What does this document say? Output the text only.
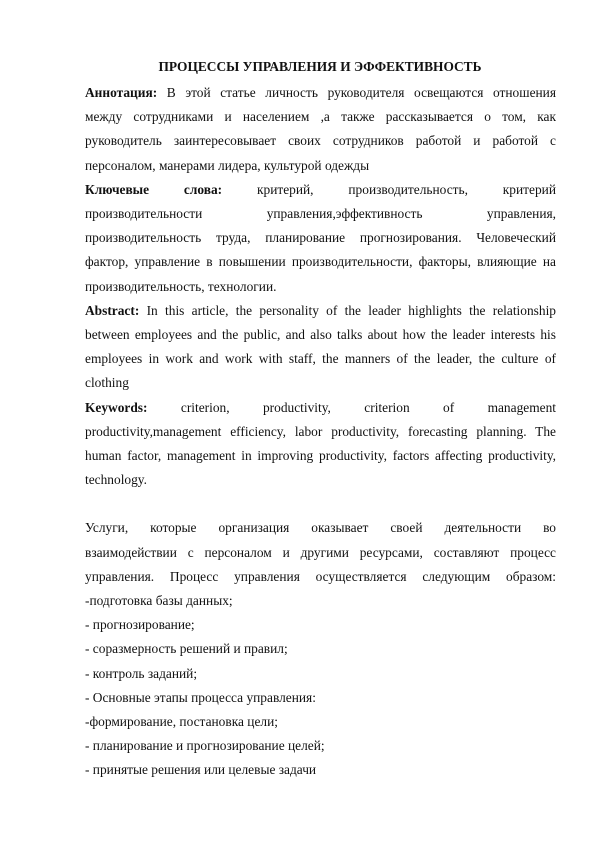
ПРОЦЕССЫ УПРАВЛЕНИЯ И ЭФФЕКТИВНОСТЬ
Аннотация: В этой статье личность руководителя освещаются отношения
между сотрудниками и населением ,а также рассказывается о том, как
руководитель заинтересовывает своих сотрудников работой и работой с
персоналом, манерами лидера, культурой одежды
Ключевые слова: критерий, производительность, критерий
производительности управления,эффективность управления,
производительность труда, планирование прогнозирования. Человеческий
фактор, управление в повышении производительности, факторы, влияющие на
производительность, технологии.
Abstract: In this article, the personality of the leader highlights the relationship
between employees and the public, and also talks about how the leader interests his
employees in work and work with staff, the manners of the leader, the culture of
clothing
Keywords: criterion, productivity, criterion of management
productivity,management efficiency, labor productivity, forecasting planning. The
human factor, management in improving productivity, factors affecting productivity,
technology.
Услуги, которые организация оказывает своей деятельности во
взаимодействии с персоналом и другими ресурсами, составляют процесс
управления. Процесс управления осуществляется следующим образом:
-подготовка базы данных;
- прогнозирование;
- соразмерность решений и правил;
- контроль заданий;
- Основные этапы процесса управления:
-формирование, постановка цели;
- планирование и прогнозирование целей;
- принятые решения или целевые задачи
